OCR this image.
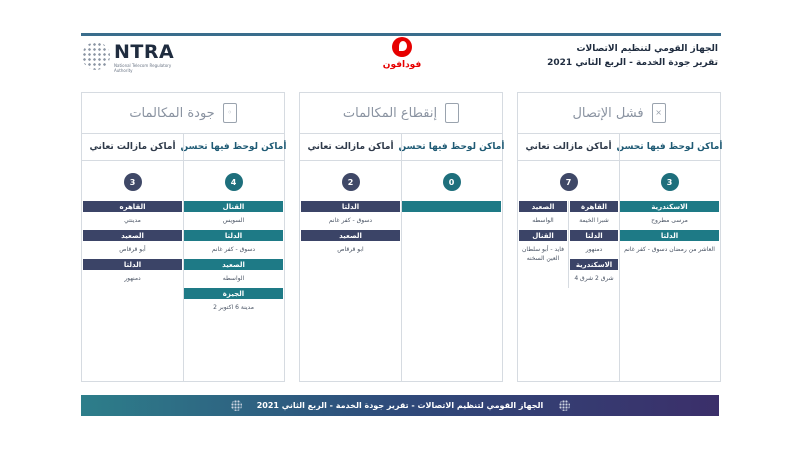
NTRA
National Telecom Regulatory Authority
فودافون
الجهاز القومي لتنظيم الاتصالات
تقرير جودة الخدمة - الربع الثاني 2021
×
فشل الإتصال
أماكن لوحظ فيها تحسن
3
الاسكندرية
مرسى مطروح
الدلتا
العاشر من رمضان دسوق - كفر غانم
أماكن مازالت تعاني
7
القاهرة
شبرا الخيمة
الدلتا
دمنهور
الاسكندرية
شرق 2 شرق 4
الصعيد
الواسطه
القنال
فايد - أبو سلطان العين السخنه
إنقطاع المكالمات
أماكن لوحظ فيها تحسن
0
أماكن مازالت تعاني
2
الدلتا
دسوق - كفر غانم
الصعيد
ابو قرقاص
◦
جودة المكالمات
أماكن لوحظ فيها تحسن
4
القنال
السويس
الدلتا
دسوق - كفر غانم
الصعيد
الواسطه
الجيزة
مدينة 6 اكتوبر 2
أماكن مازالت تعاني
3
القاهره
مدينتي
الصعيد
أبو قرقاص
الدلتا
دمنهور
الجهاز القومي لتنظيم الاتصالات - تقرير جودة الخدمة - الربع الثاني 2021
